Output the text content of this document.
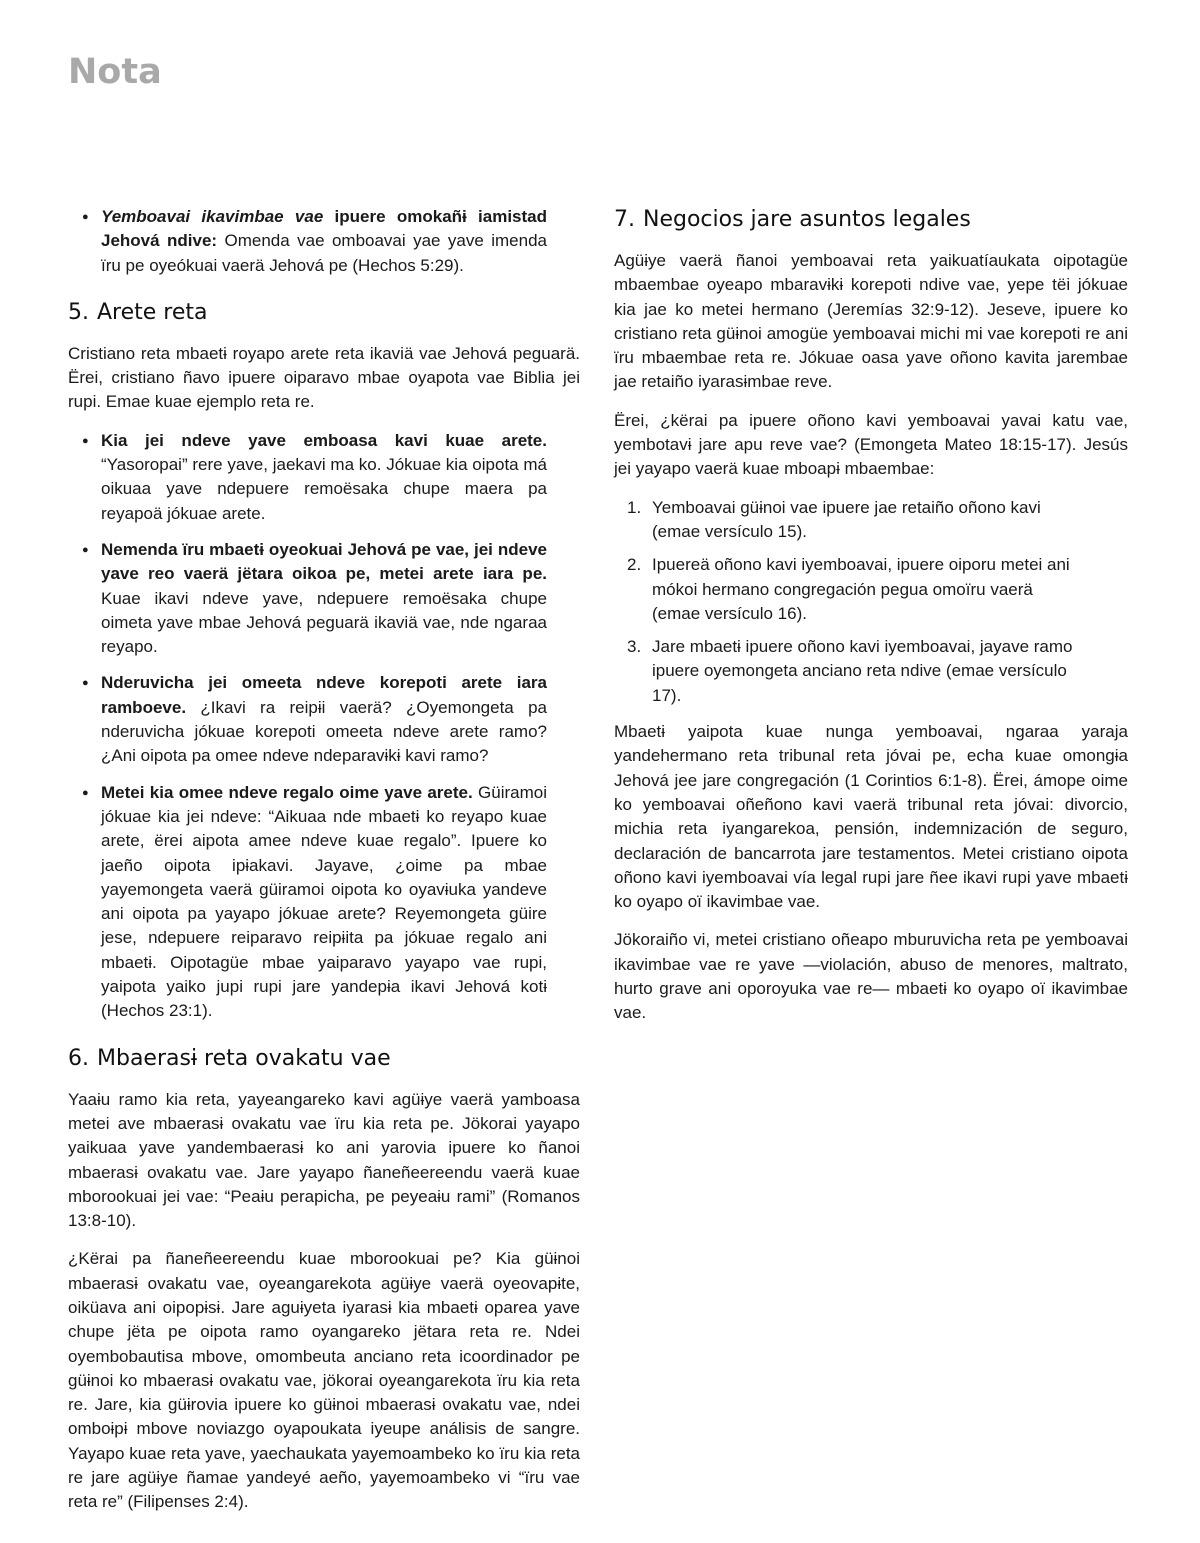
Nota
● Yemboavai ikavimbae vae ipuere omokañɨ iamistad Jehová ndive: Omenda vae omboavai yae yave imenda ïru pe oyeókuai vaerä Jehová pe (Hechos 5:29).
5. Arete reta

Cristiano reta mbaetɨ royapo arete reta ikaviä vae Jehová peguarä. Ërei, cristiano ñavo ipuere oiparavo mbae oyapota vae Biblia jei rupi. Emae kuae ejemplo reta re.

● Kia jei ndeve yave emboasa kavi kuae arete. “Yasoropai” rere yave, jaekavi ma ko. Jókuae kia oipota má oikuaa yave ndepuere remoësaka chupe maera pa reyapoä jókuae arete.
● Nemenda ïru mbaetɨ oyeokuai Jehová pe vae, jei ndeve yave reo vaerä jëtara oikoa pe, metei arete iara pe. Kuae ikavi ndeve yave, ndepuere remoësaka chupe oimeta yave mbae Jehová peguarä ikaviä vae, nde ngaraa reyapo.
● Nderuvicha jei omeeta ndeve korepoti arete iara ramboeve. ¿Ikavi ra reipɨi vaerä? ¿Oyemongeta pa nderuvicha jókuae korepoti omeeta ndeve arete ramo? ¿Ani oipota pa omee ndeve ndeparavɨkɨ kavi ramo?
● Metei kia omee ndeve regalo oime yave arete. Güiramoi jókuae kia jei ndeve: “Aikuaa nde mbaetɨ ko reyapo kuae arete, ërei aipota amee ndeve kuae regalo”. Ipuere ko jaeño oipota ipɨakavi. Jayave, ¿oime pa mbae yayemongeta vaerä güiramoi oipota ko oyavɨuka yandeve ani oipota pa yayapo jókuae arete? Reyemongeta güire jese, ndepuere reiparavo reipɨita pa jókuae regalo ani mbaetɨ. Oipotagüe mbae yaiparavo yayapo vae rupi, yaipota yaiko jupi rupi jare yandepɨa ikavi Jehová kotɨ (Hechos 23:1).
6. Mbaerasɨ reta ovakatu vae

Yaaɨu ramo kia reta, yayeangareko kavi agüɨye vaerä yamboasa metei ave mbaerasɨ ovakatu vae ïru kia reta pe. Jökorai yayapo yaikuaa yave yandembaerasɨ ko ani yarovia ipuere ko ñanoi mbaerasɨ ovakatu vae. Jare yayapo ñaneñeereendu vaerä kuae mborookuai jei vae: “Peaɨu perapicha, pe peyeaɨu rami” (Romanos 13:8-10).

¿Kërai pa ñaneñeereendu kuae mborookuai pe? Kia güɨnoi mbaerasɨ ovakatu vae, oyeangarekota agüɨye vaerä oyeovapɨte, oiküava ani oipopɨsɨ. Jare aguɨyeta iyarasɨ kia mbaetɨ oparea yave chupe jëta pe oipota ramo oyangareko jëtara reta re. Ndei oyembobautisa mbove, omombeuta anciano reta icoordinador pe güɨnoi ko mbaerasɨ ovakatu vae, jökorai oyeangarekota ïru kia reta re. Jare, kia güɨrovia ipuere ko güɨnoi mbaerasɨ ovakatu vae, ndei omboɨpɨ mbove noviazgo oyapoukata iyeupe análisis de sangre. Yayapo kuae reta yave, yaechaukata yayemoambeko ko ïru kia reta re jare agüɨye ñamae yandeyé aeño, yayemoambeko vi “ïru vae reta re” (Filipenses 2:4).

7. Negocios jare asuntos legales

Agüɨye vaerä ñanoi yemboavai reta yaikuatíaukata oipotagüe mbaembae oyeapo mbaravɨkɨ korepoti ndive vae, yepe tëi jókuae kia jae ko metei hermano (Jeremías 32:9-12). Jeseve, ipuere ko cristiano reta güɨnoi amogüe yemboavai michi mi vae korepoti re ani ïru mbaembae reta re. Jókuae oasa yave oñono kavita jarembae jae retaiño iyarasɨmbae reve.

Ërei, ¿kërai pa ipuere oñono kavi yemboavai yavai katu vae, yembotavɨ jare apu reve vae? (Emongeta Mateo 18:15-17). Jesús jei yayapo vaerä kuae mboapɨ mbaembae:

1. Yemboavai güɨnoi vae ipuere jae retaiño oñono kavi (emae versículo 15).
2. Ipuereä oñono kavi iyemboavai, ipuere oiporu metei ani mókoi hermano congregación pegua omoïru vaerä (emae versículo 16).
3. Jare mbaetɨ ipuere oñono kavi iyemboavai, jayave ramo ipuere oyemongeta anciano reta ndive (emae versículo 17).

Mbaetɨ yaipota kuae nunga yemboavai, ngaraa yaraja yandehermano reta tribunal reta jóvai pe, echa kuae omongɨa Jehová jee jare congregación (1 Corintios 6:1-8). Ërei, ámope oime ko yemboavai oñeñono kavi vaerä tribunal reta jóvai: divorcio, michia reta iyangarekoa, pensión, indemnización de seguro, declaración de bancarrota jare testamentos. Metei cristiano oipota oñono kavi iyemboavai vía legal rupi jare ñee ikavi rupi yave mbaetɨ ko oyapo oï ikavimbae vae.

Jökoraiño vi, metei cristiano oñeapo mburuvicha reta pe yemboavai ikavimbae vae re yave —violación, abuso de menores, maltrato, hurto grave ani oporoyuka vae re— mbaetɨ ko oyapo oï ikavimbae vae.
